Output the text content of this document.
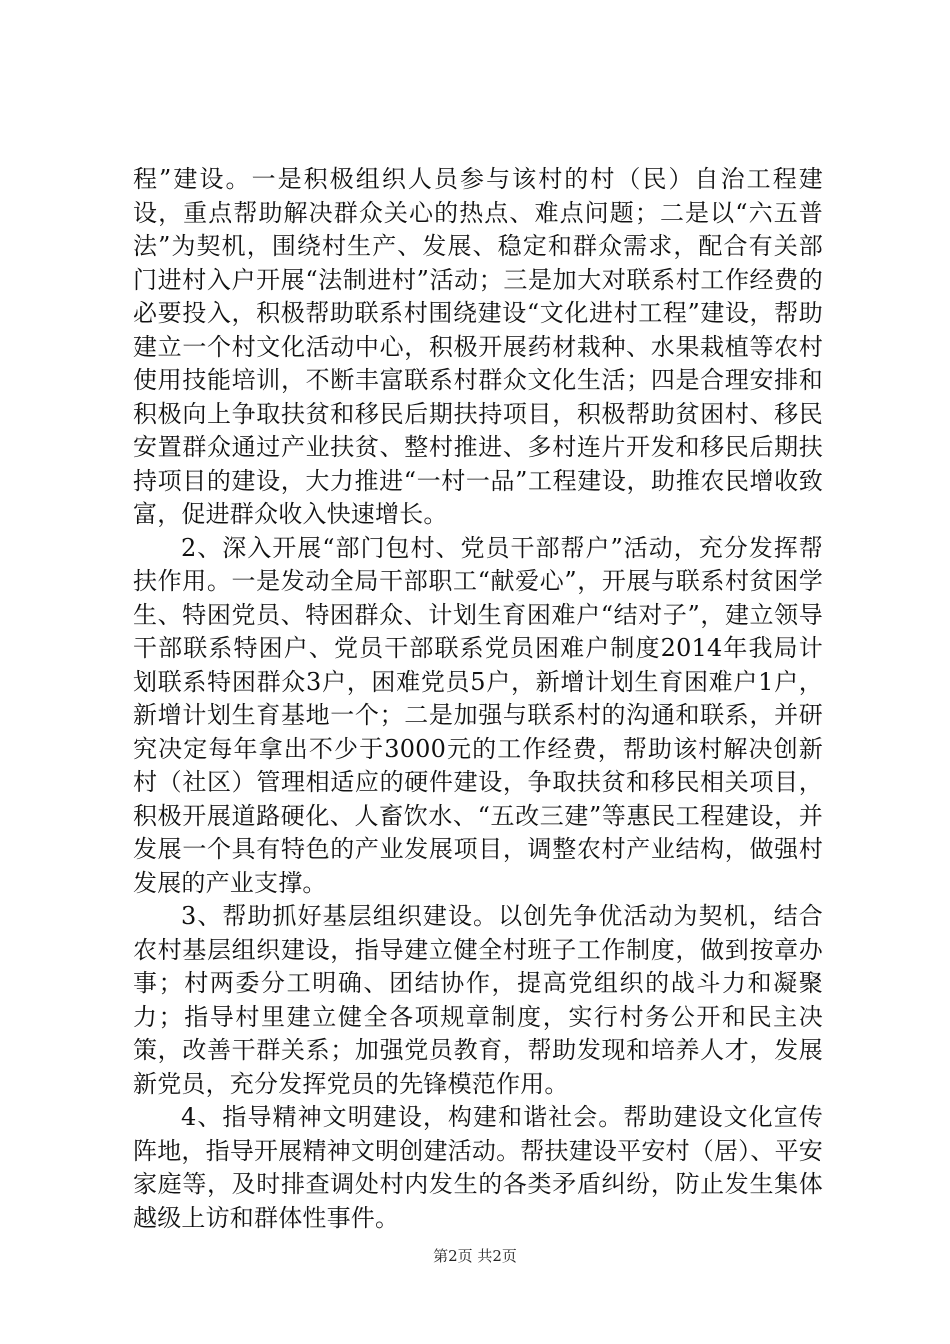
程”建设。一是积极组织人员参与该村的村（民）自治工程建设，重点帮助解决群众关心的热点、难点问题；二是以“六五普法”为契机，围绕村生产、发展、稳定和群众需求，配合有关部门进村入户开展“法制进村”活动；三是加大对联系村工作经费的必要投入，积极帮助联系村围绕建设“文化进村工程”建设，帮助建立一个村文化活动中心，积极开展药材栽种、水果栽植等农村使用技能培训，不断丰富联系村群众文化生活；四是合理安排和积极向上争取扶贫和移民后期扶持项目，积极帮助贫困村、移民安置群众通过产业扶贫、整村推进、多村连片开发和移民后期扶持项目的建设，大力推进“一村一品”工程建设，助推农民增收致富，促进群众收入快速增长。

2、深入开展“部门包村、党员干部帮户”活动，充分发挥帮扶作用。一是发动全局干部职工“献爱心”，开展与联系村贫困学生、特困党员、特困群众、计划生育困难户“结对子”，建立领导干部联系特困户、党员干部联系党员困难户制度2014年我局计划联系特困群众3户，困难党员5户，新增计划生育困难户1户，新增计划生育基地一个；二是加强与联系村的沟通和联系，并研究决定每年拿出不少于3000元的工作经费，帮助该村解决创新村（社区）管理相适应的硬件建设，争取扶贫和移民相关项目，积极开展道路硬化、人畜饮水、“五改三建”等惠民工程建设，并发展一个具有特色的产业发展项目，调整农村产业结构，做强村发展的产业支撑。

3、帮助抓好基层组织建设。以创先争优活动为契机，结合农村基层组织建设，指导建立健全村班子工作制度，做到按章办事；村两委分工明确、团结协作，提高党组织的战斗力和凝聚力；指导村里建立健全各项规章制度，实行村务公开和民主决策，改善干群关系；加强党员教育，帮助发现和培养人才，发展新党员，充分发挥党员的先锋模范作用。

4、指导精神文明建设，构建和谐社会。帮助建设文化宣传阵地，指导开展精神文明创建活动。帮扶建设平安村（居）、平安家庭等，及时排查调处村内发生的各类矛盾纠纷，防止发生集体越级上访和群体性事件。

第2页 共2页
